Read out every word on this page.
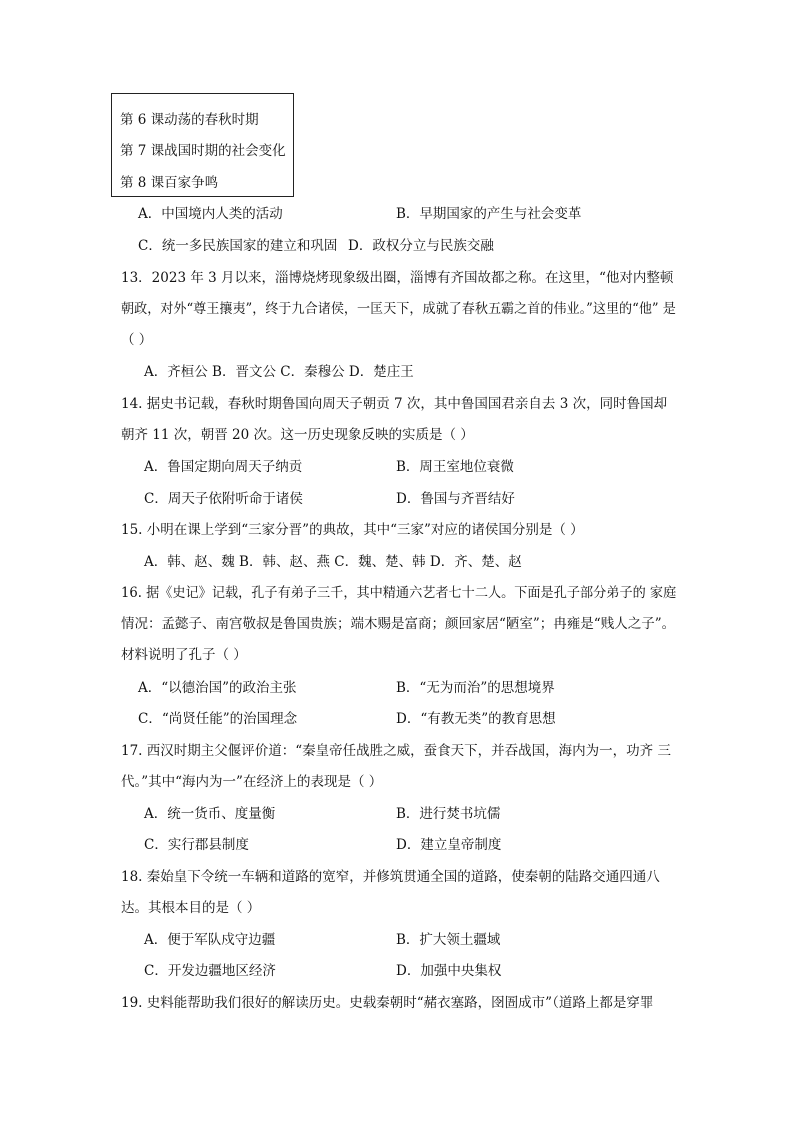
第 6 课动荡的春秋时期
第 7 课战国时期的社会变化
第 8 课百家争鸣
A．中国境内人类的活动	B．早期国家的产生与社会变革
C．统一多民族国家的建立和巩固 D．政权分立与民族交融
13．2023 年 3 月以来，淄博烧烤现象级出圈，淄博有齐国故都之称。在这里，“他对内整顿
朝政，对外“尊王攘夷”，终于九合诸侯，一匡天下，成就了春秋五霸之首的伟业。”这里的“他” 是
（ ）
A．齐桓公 B．晋文公 C．秦穆公 D．楚庄王
14. 据史书记载，春秋时期鲁国向周天子朝贡 7 次，其中鲁国国君亲自去 3 次，同时鲁国却
朝齐 11 次，朝晋 20 次。这一历史现象反映的实质是（ ）
A．鲁国定期向周天子纳贡	B．周王室地位衰微
C．周天子依附听命于诸侯	D．鲁国与齐晋结好
15. 小明在课上学到“三家分晋”的典故，其中“三家”对应的诸侯国分别是（ ）
A．韩、赵、魏 B．韩、赵、燕 C．魏、楚、韩 D．齐、楚、赵
16. 据《史记》记载，孔子有弟子三千，其中精通六艺者七十二人。下面是孔子部分弟子的 家庭
情况：孟懿子、南宫敬叔是鲁国贵族；端木赐是富商；颜回家居“陋室”；冉雍是“贱人之子”。
材料说明了孔子（ ）
A．“以德治国”的政治主张	B．“无为而治”的思想境界
C．“尚贤任能”的治国理念	D．“有教无类”的教育思想
17. 西汉时期主父偃评价道：“秦皇帝任战胜之威，蚕食天下，并吞战国，海内为一，功齐 三
代。”其中“海内为一”在经济上的表现是（ ）
A．统一货币、度量衡	B．进行焚书坑儒
C．实行郡县制度	D．建立皇帝制度
18. 秦始皇下令统一车辆和道路的宽窄，并修筑贯通全国的道路，使秦朝的陆路交通四通八
达。其根本目的是（ ）
A．便于军队戍守边疆	B．扩大领土疆域
C．开发边疆地区经济	D．加强中央集权
19. 史料能帮助我们很好的解读历史。史载秦朝时“赭衣塞路，囹圄成市”（道路上都是穿罪
